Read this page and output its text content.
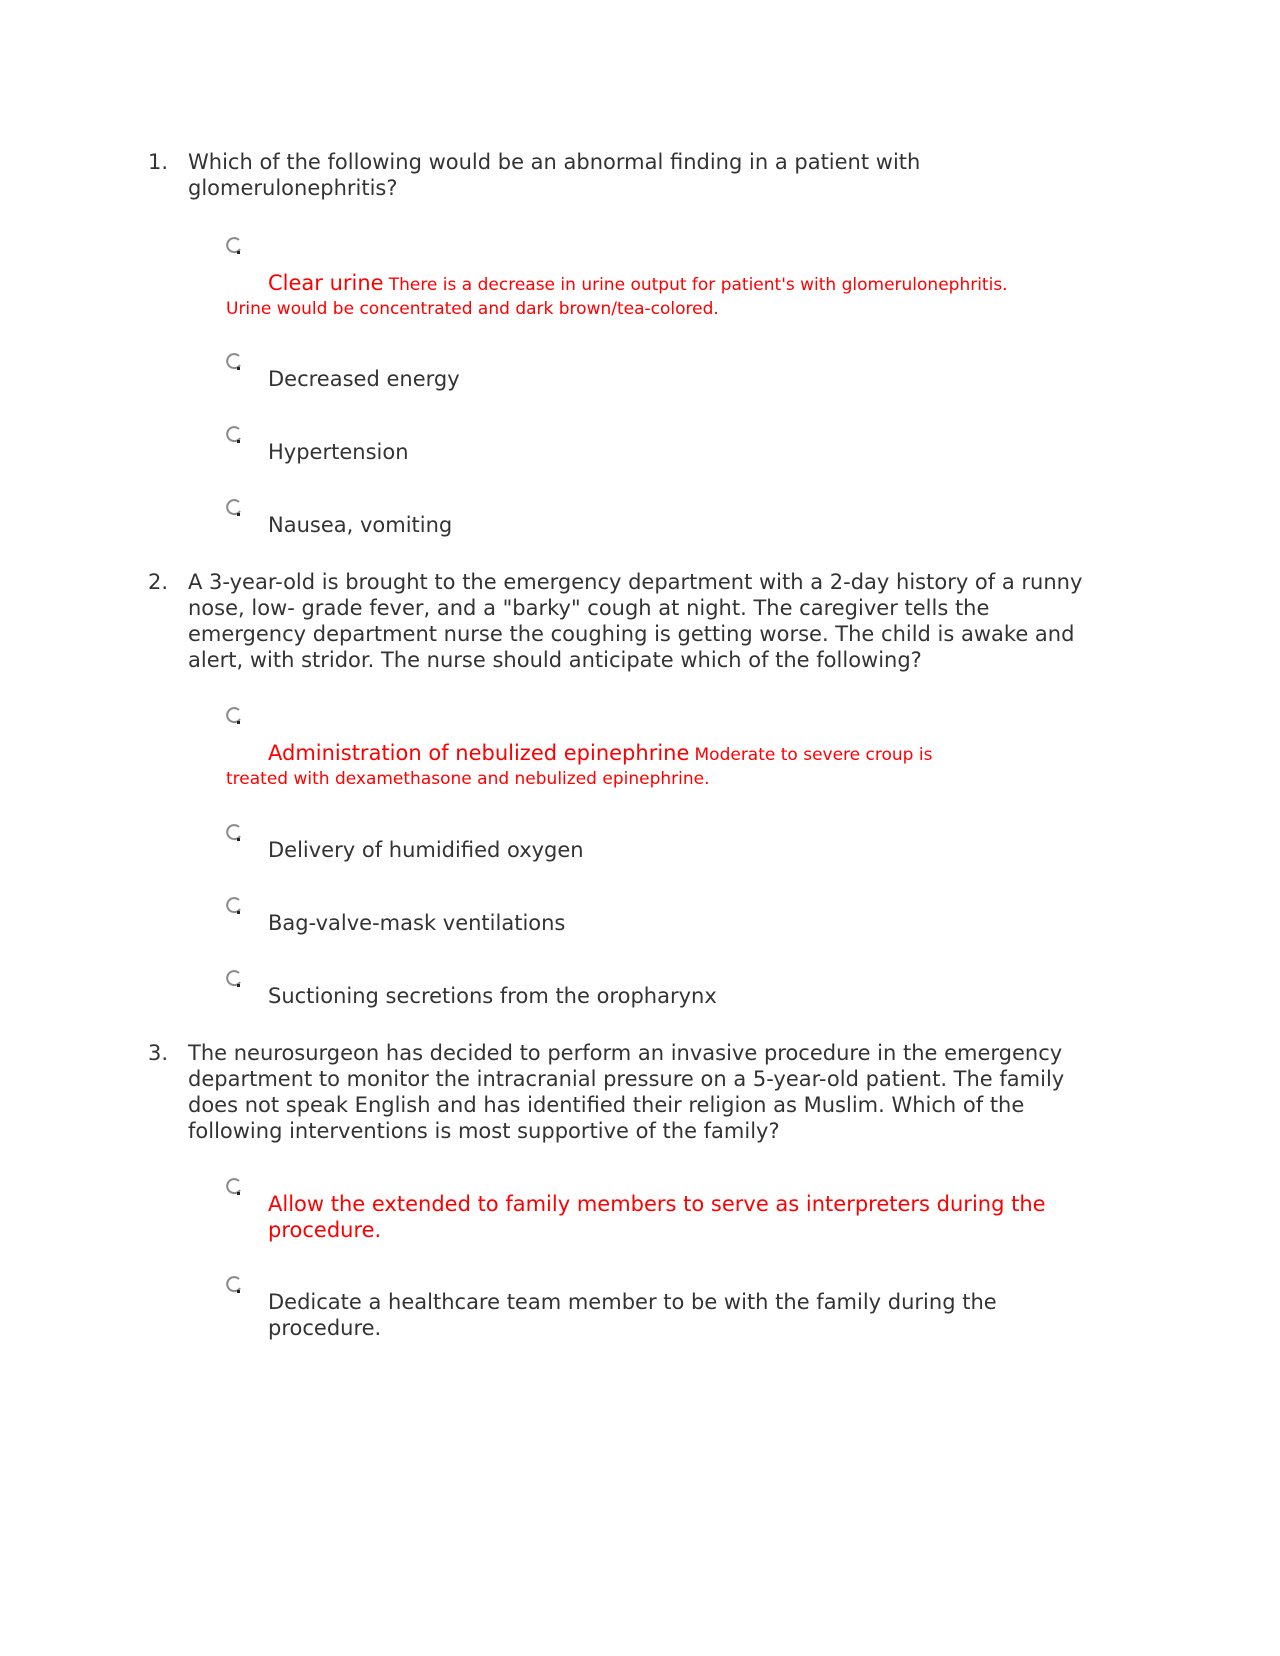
1. Which of the following would be an abnormal finding in a patient with glomerulonephritis?
Clear urine There is a decrease in urine output for patient's with glomerulonephritis.
Urine would be concentrated and dark brown/tea-colored.
Decreased energy
Hypertension
Nausea, vomiting
2. A 3-year-old is brought to the emergency department with a 2-day history of a runny nose, low- grade fever, and a "barky" cough at night. The caregiver tells the emergency department nurse the coughing is getting worse. The child is awake and alert, with stridor. The nurse should anticipate which of the following?
Administration of nebulized epinephrine Moderate to severe croup is
treated with dexamethasone and nebulized epinephrine.
Delivery of humidified oxygen
Bag-valve-mask ventilations
Suctioning secretions from the oropharynx
3. The neurosurgeon has decided to perform an invasive procedure in the emergency department to monitor the intracranial pressure on a 5-year-old patient. The family does not speak English and has identified their religion as Muslim. Which of the following interventions is most supportive of the family?
Allow the extended to family members to serve as interpreters during the procedure.
Dedicate a healthcare team member to be with the family during the procedure.
